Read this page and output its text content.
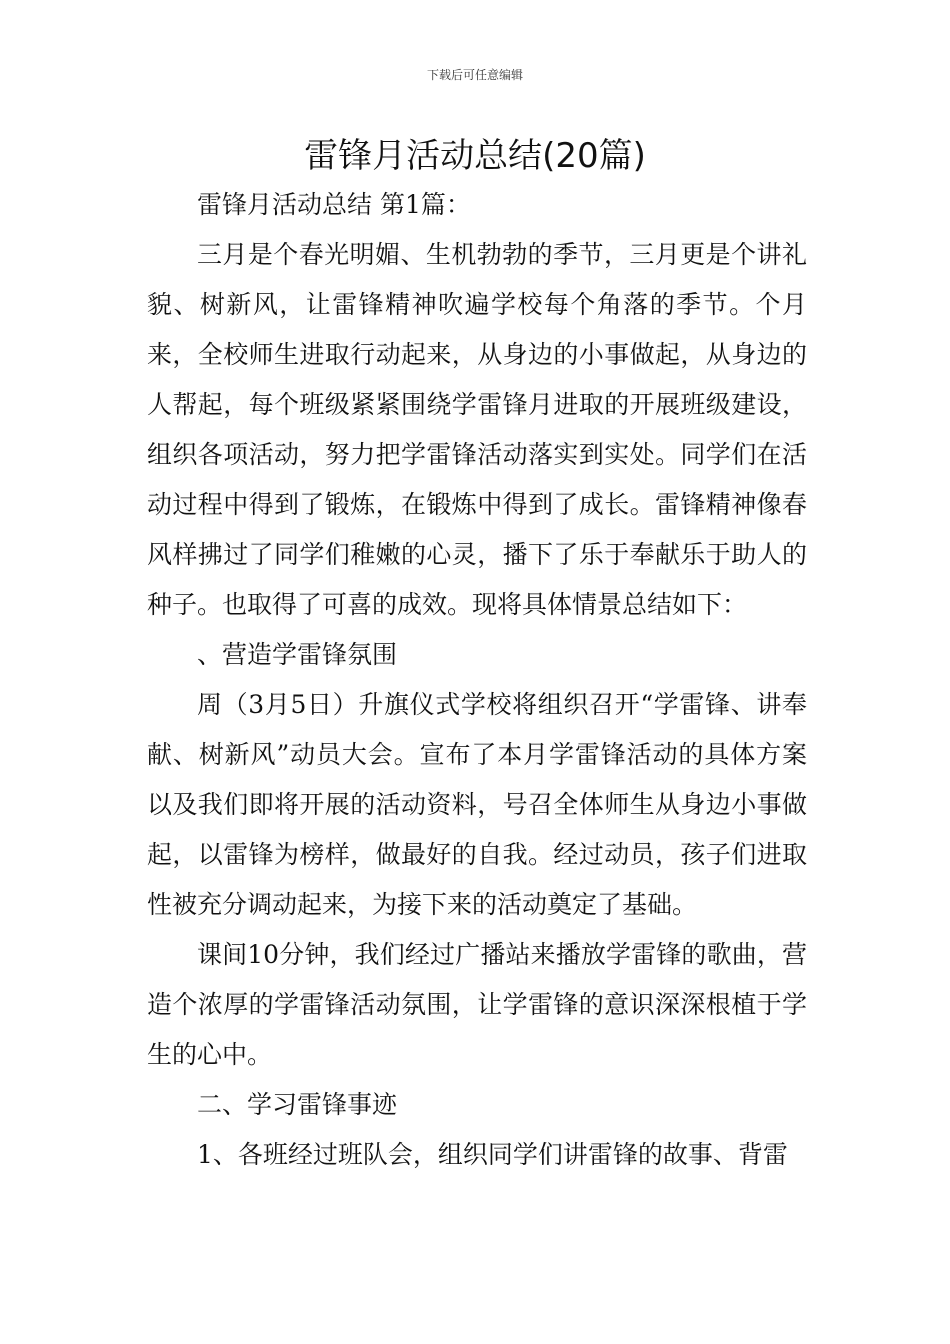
下载后可任意编辑
雷锋月活动总结(20篇)

雷锋月活动总结 第1篇：

三月是个春光明媚、生机勃勃的季节，三月更是个讲礼貌、树新风，让雷锋精神吹遍学校每个角落的季节。个月来，全校师生进取行动起来，从身边的小事做起，从身边的人帮起，每个班级紧紧围绕学雷锋月进取的开展班级建设，组织各项活动，努力把学雷锋活动落实到实处。同学们在活动过程中得到了锻炼，在锻炼中得到了成长。雷锋精神像春风样拂过了同学们稚嫩的心灵，播下了乐于奉献乐于助人的种子。也取得了可喜的成效。现将具体情景总结如下：

、营造学雷锋氛围

周（3月5日）升旗仪式学校将组织召开“学雷锋、讲奉献、树新风”动员大会。宣布了本月学雷锋活动的具体方案以及我们即将开展的活动资料，号召全体师生从身边小事做起，以雷锋为榜样，做最好的自我。经过动员，孩子们进取性被充分调动起来，为接下来的活动奠定了基础。

课间10分钟，我们经过广播站来播放学雷锋的歌曲，营造个浓厚的学雷锋活动氛围，让学雷锋的意识深深根植于学生的心中。

二、学习雷锋事迹

1、各班经过班队会，组织同学们讲雷锋的故事、背雷
